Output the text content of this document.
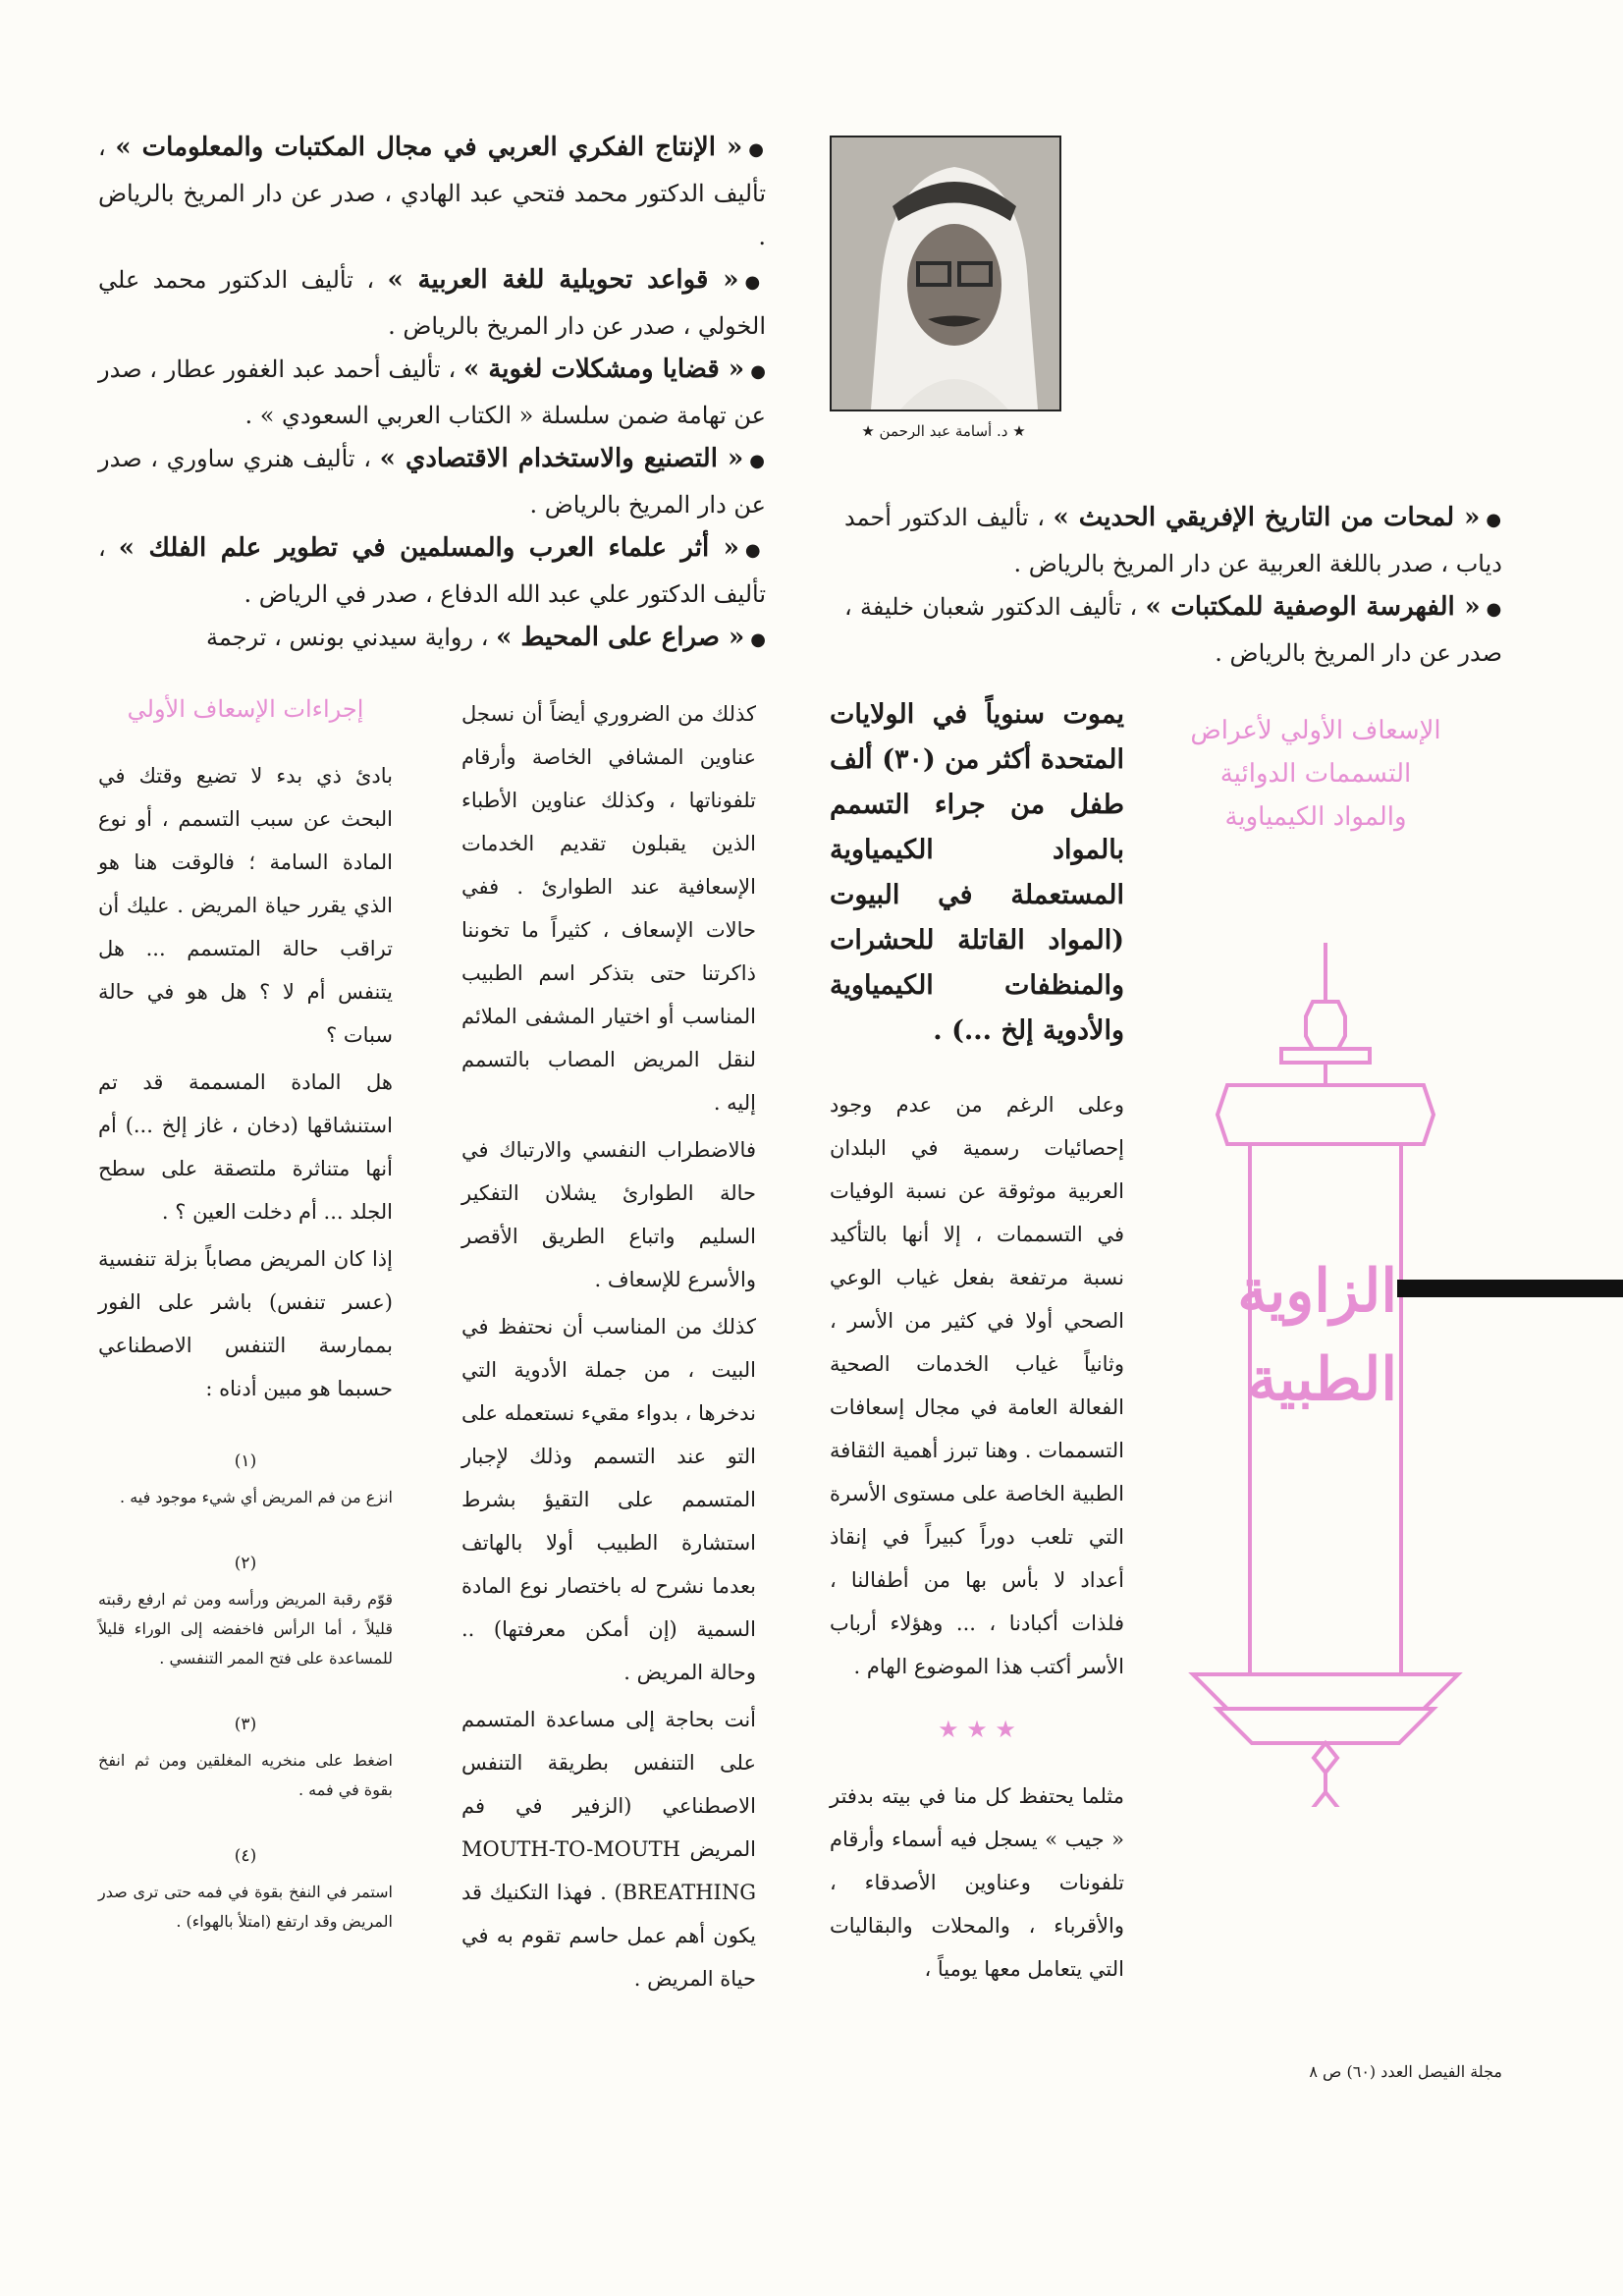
●« الإنتاج الفكري العربي في مجال المكتبات والمعلومات » ، تأليف الدكتور محمد فتحي عبد الهادي ، صدر عن دار المريخ بالرياض .

●« قواعد تحويلية للغة العربية » ، تأليف الدكتور محمد علي الخولي ، صدر عن دار المريخ بالرياض .

●« قضايا ومشكلات لغوية » ، تأليف أحمد عبد الغفور عطار ، صدر عن تهامة ضمن سلسلة « الكتاب العربي السعودي » .

●« التصنيع والاستخدام الاقتصادي » ، تأليف هنري ساوري ، صدر عن دار المريخ بالرياض .

●« أثر علماء العرب والمسلمين في تطوير علم الفلك » ، تأليف الدكتور علي عبد الله الدفاع ، صدر في الرياض .

●« صراع على المحيط » ، رواية سيدني بونس ، ترجمة

★ د. أسامة عبد الرحمن ★

●« لمحات من التاريخ الإفريقي الحديث » ، تأليف الدكتور أحمد دياب ، صدر باللغة العربية عن دار المريخ بالرياض .

●« الفهرسة الوصفية للمكتبات » ، تأليف الدكتور شعبان خليفة ، صدر عن دار المريخ بالرياض .

الإسعاف الأولي لأعراض التسممات الدوائية والمواد الكيمياوية
الزاوية الطبية

يموت سنوياً في الولايات المتحدة أكثر من (٣٠) ألف طفل من جراء التسمم بالمواد الكيمياوية المستعملة في البيوت (المواد القاتلة للحشرات والمنظفات الكيمياوية والأدوية إلخ ...) .

وعلى الرغم من عدم وجود إحصائيات رسمية في البلدان العربية موثوقة عن نسبة الوفيات في التسممات ، إلا أنها بالتأكيد نسبة مرتفعة بفعل غياب الوعي الصحي أولا في كثير من الأسر ، وثانياً غياب الخدمات الصحية الفعالة العامة في مجال إسعافات التسممات . وهنا تبرز أهمية الثقافة الطبية الخاصة على مستوى الأسرة التي تلعب دوراً كبيراً في إنقاذ أعداد لا بأس بها من أطفالنا ، فلذات أكبادنا ، ... وهؤلاء أرباب الأسر أكتب هذا الموضوع الهام .

★ ★ ★

مثلما يحتفظ كل منا في بيته بدفتر « جيب » يسجل فيه أسماء وأرقام تلفونات وعناوين الأصدقاء ، والأقرباء ، والمحلات والبقاليات التي يتعامل معها يومياً ،

كذلك من الضروري أيضاً أن نسجل عناوين المشافي الخاصة وأرقام تلفوناتها ، وكذلك عناوين الأطباء الذين يقبلون تقديم الخدمات الإسعافية عند الطوارئ . ففي حالات الإسعاف ، كثيراً ما تخوننا ذاكرتنا حتى بتذكر اسم الطبيب المناسب أو اختيار المشفى الملائم لنقل المريض المصاب بالتسمم إليه .

فالاضطراب النفسي والارتباك في حالة الطوارئ يشلان التفكير السليم واتباع الطريق الأقصر والأسرع للإسعاف .

كذلك من المناسب أن نحتفظ في البيت ، من جملة الأدوية التي ندخرها ، بدواء مقيء نستعمله على التو عند التسمم وذلك لإجبار المتسمم على التقيؤ بشرط استشارة الطبيب أولا بالهاتف بعدما نشرح له باختصار نوع المادة السمية (إن أمكن معرفتها) .. وحالة المريض .

أنت بحاجة إلى مساعدة المتسمم على التنفس بطريقة التنفس الاصطناعي (الزفير في فم المريض MOUTH-TO-MOUTH BREATHING) . فهذا التكنيك قد يكون أهم عمل حاسم تقوم به في حياة المريض .

إجراءات الإسعاف الأولي

بادئ ذي بدء لا تضيع وقتك في البحث عن سبب التسمم ، أو نوع المادة السامة ؛ فالوقت هنا هو الذي يقرر حياة المريض . عليك أن تراقب حالة المتسمم ... هل يتنفس أم لا ؟ هل هو في حالة سبات ؟

هل المادة المسممة قد تم استنشاقها (دخان ، غاز إلخ ...) أم أنها متناثرة ملتصقة على سطح الجلد ... أم دخلت العين ؟ .

إذا كان المريض مصاباً بزلة تنفسية (عسر تنفس) باشر على الفور بممارسة التنفس الاصطناعي حسبما هو مبين أدناه :

(١)

انزع من فم المريض أي شيء موجود فيه .

(٢)

قوّم رقبة المريض ورأسه ومن ثم ارفع رقبته قليلاً ، أما الرأس فاخفضه إلى الوراء قليلاً للمساعدة على فتح الممر التنفسي .

(٣)

اضغط على منخريه المغلقين ومن ثم انفخ بقوة في فمه .

(٤)

استمر في النفخ بقوة في فمه حتى ترى صدر المريض وقد ارتفع (امتلأ بالهواء) .

مجلة الفيصل العدد (٦٠) ص ٨
